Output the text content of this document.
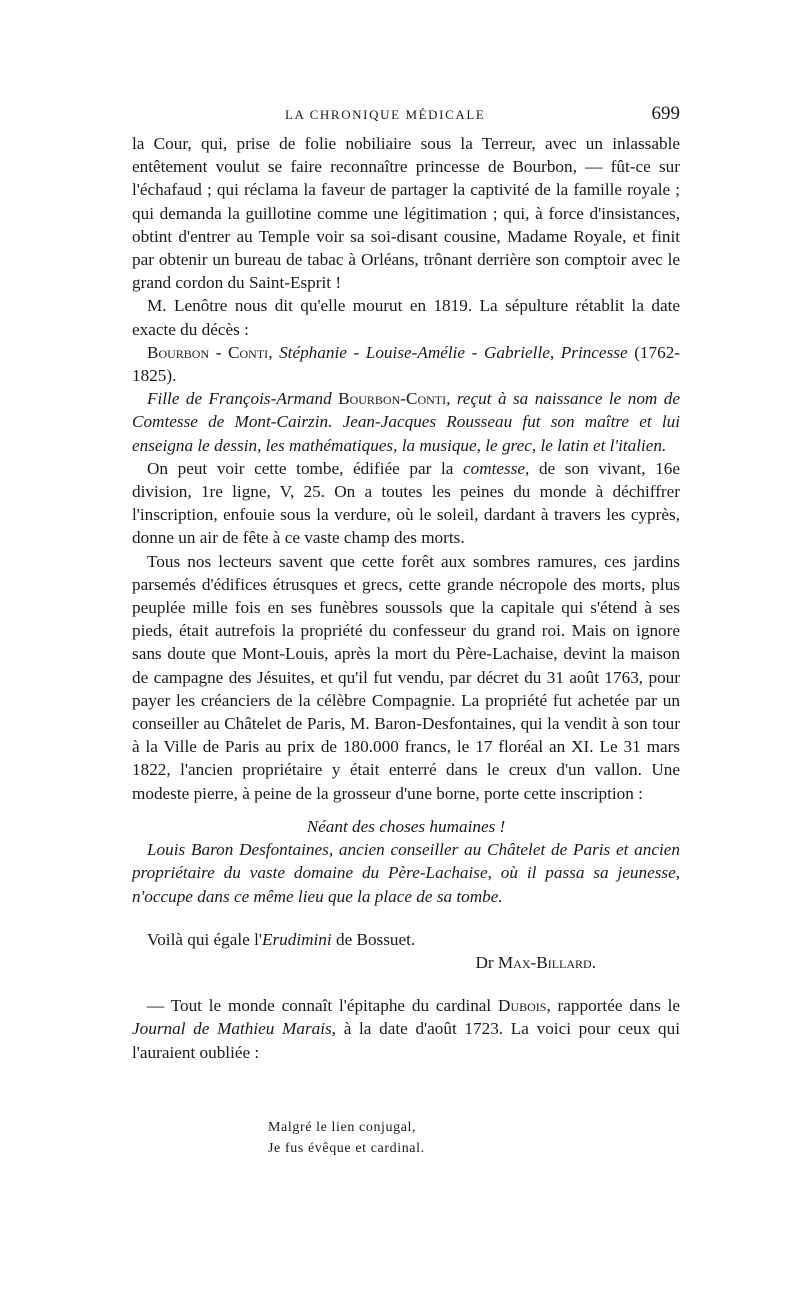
LA CHRONIQUE MÉDICALE	699

la Cour, qui, prise de folie nobiliaire sous la Terreur, avec un inlassable entêtement voulut se faire reconnaître princesse de Bourbon, — fût-ce sur l'échafaud ; qui réclama la faveur de partager la captivité de la famille royale ; qui demanda la guillotine comme une légitimation ; qui, à force d'insistances, obtint d'entrer au Temple voir sa soi-disant cousine, Madame Royale, et finit par obtenir un bureau de tabac à Orléans, trônant derrière son comptoir avec le grand cordon du Saint-Esprit !

M. Lenôtre nous dit qu'elle mourut en 1819. La sépulture rétablit la date exacte du décès :

Bourbon - Conti, Stéphanie - Louise-Amélie - Gabrielle, Princesse (1762-1825).

Fille de François-Armand Bourbon-Conti, reçut à sa naissance le nom de Comtesse de Mont-Cairzin. Jean-Jacques Rousseau fut son maître et lui enseigna le dessin, les mathématiques, la musique, le grec, le latin et l'italien.

On peut voir cette tombe, édifiée par la comtesse, de son vivant, 16e division, 1re ligne, V, 25. On a toutes les peines du monde à déchiffrer l'inscription, enfouie sous la verdure, où le soleil, dardant à travers les cyprès, donne un air de fête à ce vaste champ des morts.

Tous nos lecteurs savent que cette forêt aux sombres ramures, ces jardins parsemés d'édifices étrusques et grecs, cette grande nécropole des morts, plus peuplée mille fois en ses funèbres soussols que la capitale qui s'étend à ses pieds, était autrefois la propriété du confesseur du grand roi. Mais on ignore sans doute que Mont-Louis, après la mort du Père-Lachaise, devint la maison de campagne des Jésuites, et qu'il fut vendu, par décret du 31 août 1763, pour payer les créanciers de la célèbre Compagnie. La propriété fut achetée par un conseiller au Châtelet de Paris, M. Baron-Desfontaines, qui la vendit à son tour à la Ville de Paris au prix de 180.000 francs, le 17 floréal an XI. Le 31 mars 1822, l'ancien propriétaire y était enterré dans le creux d'un vallon. Une modeste pierre, à peine de la grosseur d'une borne, porte cette inscription :

Néant des choses humaines !

Louis Baron Desfontaines, ancien conseiller au Châtelet de Paris et ancien propriétaire du vaste domaine du Père-Lachaise, où il passa sa jeunesse, n'occupe dans ce même lieu que la place de sa tombe.

Voilà qui égale l'Erudimini de Bossuet.

Dr Max-Billard.

— Tout le monde connaît l'épitaphe du cardinal Dubois, rapportée dans le Journal de Mathieu Marais, à la date d'août 1723. La voici pour ceux qui l'auraient oubliée :

Malgré le lien conjugal,
Je fus évêque et cardinal.
